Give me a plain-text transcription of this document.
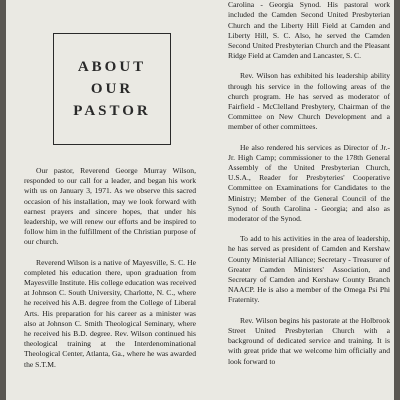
ABOUT
OUR
PASTOR

Our pastor, Reverend George Murray Wilson, responded to our call for a leader, and began his work with us on January 3, 1971. As we observe this sacred occasion of his installation, may we look forward with earnest prayers and sincere hopes, that under his leadership, we will renew our efforts and be inspired to follow him in the fulfillment of the Christian purpose of our church.

Reverend Wilson is a native of Mayesville, S. C. He completed his education there, upon graduation from Mayesville Institute. His college education was received at Johnson C. South University, Charlotte, N. C., where he received his A.B. degree from the College of Liberal Arts. His preparation for his career as a minister was also at Johnson C. Smith Theological Seminary, where he received his B.D. degree. Rev. Wilson continued his theological training at the Interdenominational Theological Center, Atlanta, Ga., where he was awarded the S.T.M.

Carolina - Georgia Synod. His pastoral work included the Camden Second United Presbyterian Church and the Liberty Hill Field at Camden and Liberty Hill, S. C. Also, he served the Camden Second United Presbyterian Church and the Pleasant Ridge Field at Camden and Lancaster, S. C.

Rev. Wilson has exhibited his leadership ability through his service in the following areas of the church program. He has served as moderator of Fairfield - McClelland Presbytery, Chairman of the Committee on New Church Development and a member of other committees.

He also rendered his services as Director of Jr.-Jr. High Camp; commissioner to the 178th General Assembly of the United Presbyterian Church, U.S.A., Reader for Presbyteries' Cooperative Committee on Examinations for Candidates to the Ministry; Member of the General Council of the Synod of South Carolina - Georgia; and also as moderator of the Synod.

To add to his activities in the area of leadership, he has served as president of Camden and Kershaw County Ministerial Alliance; Secretary - Treasurer of Greater Camden Ministers' Association, and Secretary of Camden and Kershaw County Branch NAACP. He is also a member of the Omega Psi Phi Fraternity.

Rev. Wilson begins his pastorate at the Holbrook Street United Presbyterian Church with a background of dedicated service and training. It is with great pride that we welcome him officially and look forward to
